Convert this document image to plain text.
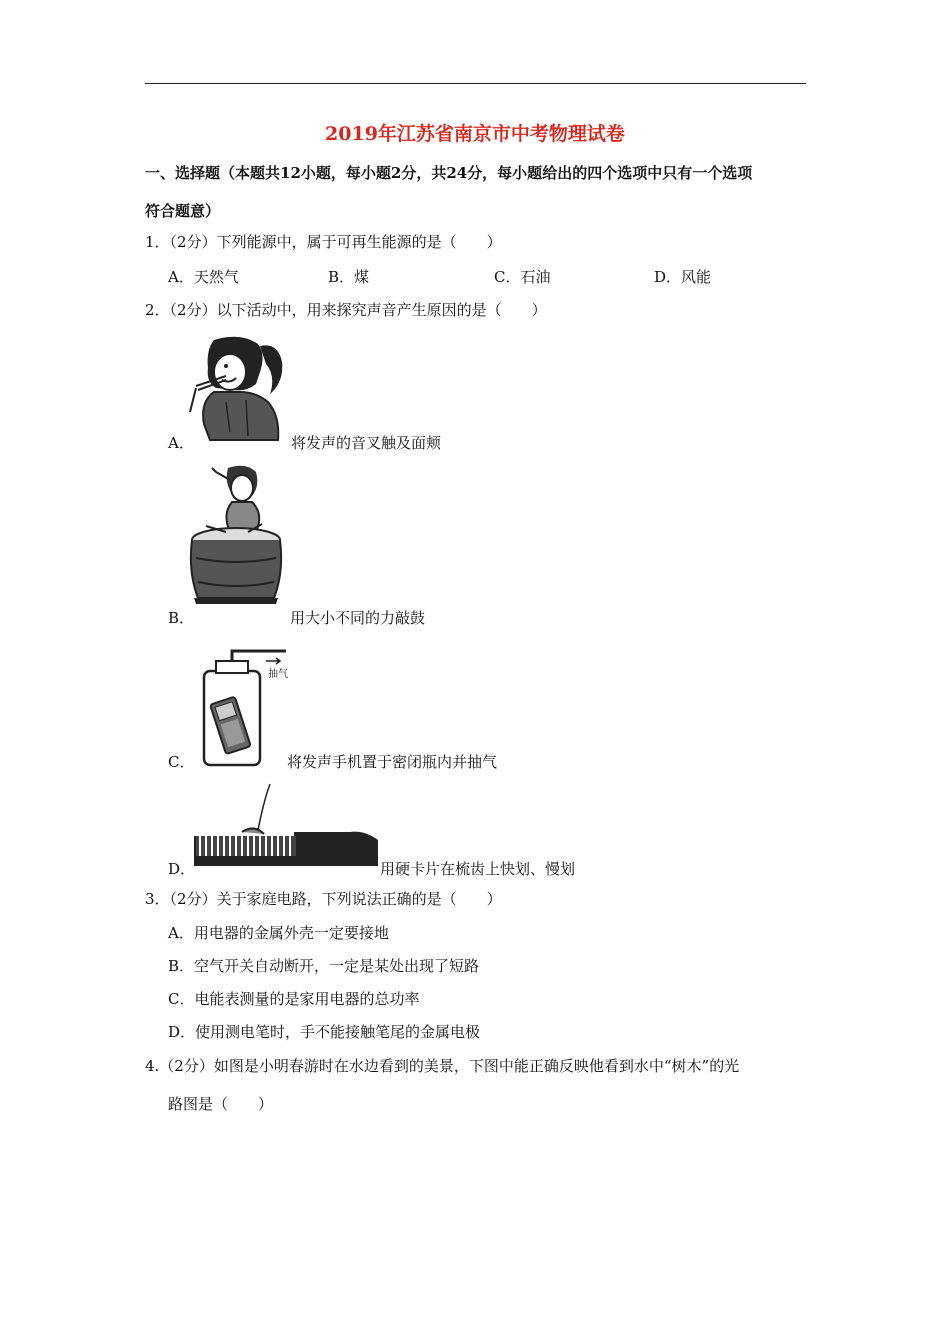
2019年江苏省南京市中考物理试卷
一、选择题（本题共12小题，每小题2分，共24分，每小题给出的四个选项中只有一个选项
符合题意）
1．（2分）下列能源中，属于可再生能源的是（　　）
A．天然气	B．煤	C．石油	D．风能
2．（2分）以下活动中，用来探究声音产生原因的是（　　）
A．	将发声的音叉触及面颊
B．	用大小不同的力敲鼓
抽气
C．	将发声手机置于密闭瓶内并抽气
D．	用硬卡片在梳齿上快划、慢划
3．（2分）关于家庭电路，下列说法正确的是（　　）
A．用电器的金属外壳一定要接地
B．空气开关自动断开，一定是某处出现了短路
C．电能表测量的是家用电器的总功率
D．使用测电笔时，手不能接触笔尾的金属电极
4.（2分）如图是小明春游时在水边看到的美景，下图中能正确反映他看到水中“树木”的光
路图是（　　）
